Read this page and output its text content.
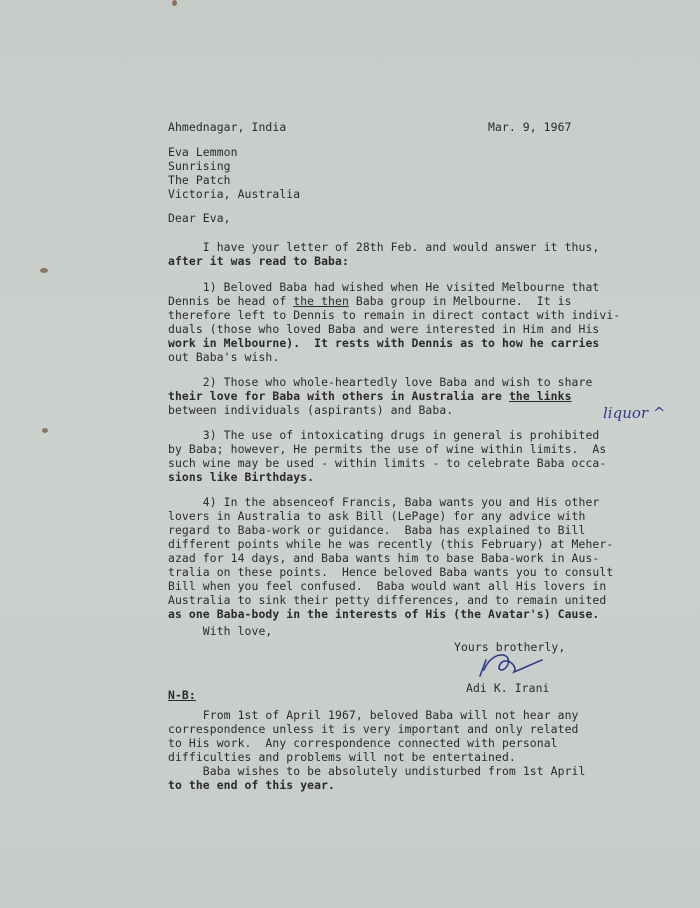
Ahmednagar, India	Mar. 9, 1967
Eva Lemmon
Sunrising
The Patch
Victoria, Australia
Dear Eva,
I have your letter of 28th Feb. and would answer it thus,
after it was read to Baba:
1) Beloved Baba had wished when He visited Melbourne that
Dennis be head of the then Baba group in Melbourne.  It is
therefore left to Dennis to remain in direct contact with indivi-
duals (those who loved Baba and were interested in Him and His
work in Melbourne).  It rests with Dennis as to how he carries
out Baba's wish.
2) Those who whole-heartedly love Baba and wish to share
their love for Baba with others in Australia are the links
between individuals (aspirants) and Baba.
3) The use of intoxicating drugs in general is prohibited
by Baba; however, He permits the use of wine within limits.  As
such wine may be used - within limits - to celebrate Baba occa-
sions like Birthdays.
liquor ^
4) In the absenceof Francis, Baba wants you and His other
lovers in Australia to ask Bill (LePage) for any advice with
regard to Baba-work or guidance.  Baba has explained to Bill
different points while he was recently (this February) at Meher-
azad for 14 days, and Baba wants him to base Baba-work in Aus-
tralia on these points.  Hence beloved Baba wants you to consult
Bill when you feel confused.  Baba would want all His lovers in
Australia to sink their petty differences, and to remain united
as one Baba-body in the interests of His (the Avatar's) Cause.
With love,
Yours brotherly,
Adi K. Irani
N-B:
From 1st of April 1967, beloved Baba will not hear any
correspondence unless it is very important and only related
to His work.  Any correspondence connected with personal
difficulties and problems will not be entertained.
Baba wishes to be absolutely undisturbed from 1st April
to the end of this year.
